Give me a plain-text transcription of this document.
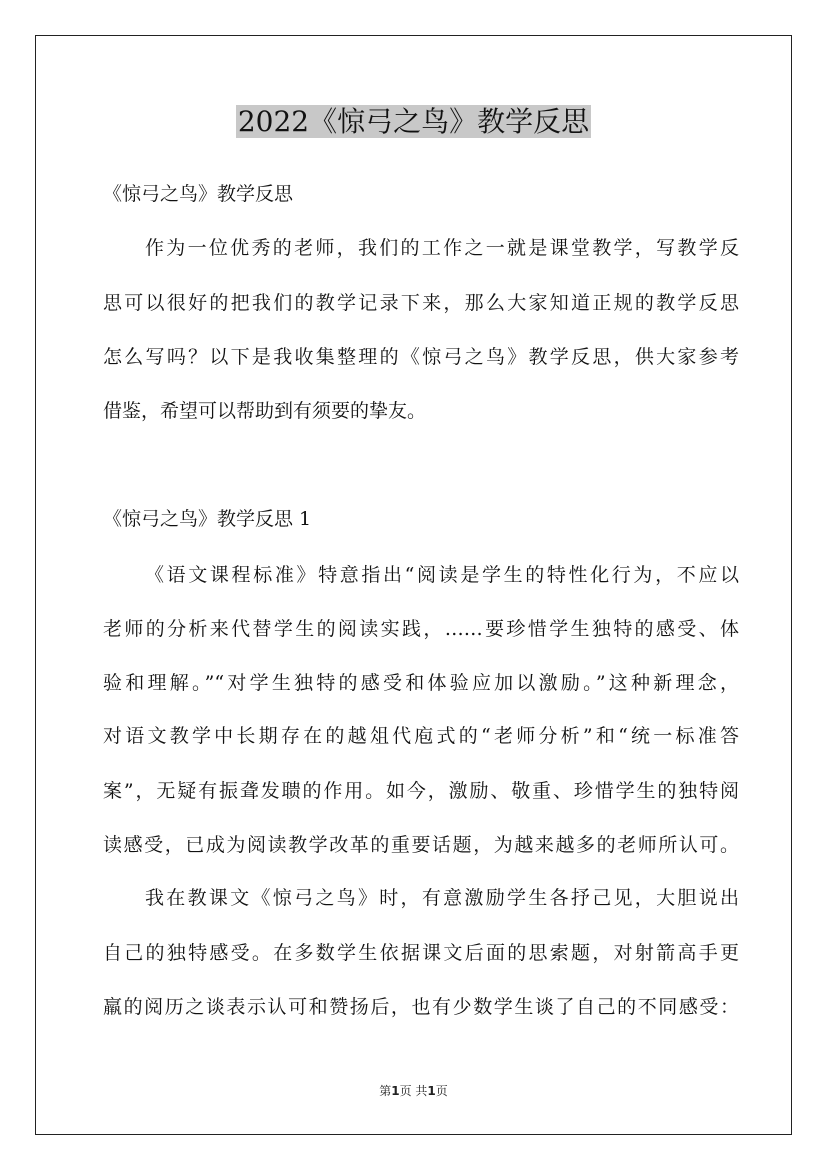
2022《惊弓之鸟》教学反思
《惊弓之鸟》教学反思
作为一位优秀的老师，我们的工作之一就是课堂教学，写教学反
思可以很好的把我们的教学记录下来，那么大家知道正规的教学反思
怎么写吗？以下是我收集整理的《惊弓之鸟》教学反思，供大家参考
借鉴，希望可以帮助到有须要的挚友。
《惊弓之鸟》教学反思 1
《语文课程标准》特意指出“阅读是学生的特性化行为，不应以
老师的分析来代替学生的阅读实践，……要珍惜学生独特的感受、体
验和理解。”“对学生独特的感受和体验应加以激励。”这种新理念，
对语文教学中长期存在的越俎代庖式的“老师分析”和“统一标准答
案”，无疑有振聋发聩的作用。如今，激励、敬重、珍惜学生的独特阅
读感受，已成为阅读教学改革的重要话题，为越来越多的老师所认可。
我在教课文《惊弓之鸟》时，有意激励学生各抒己见，大胆说出
自己的独特感受。在多数学生依据课文后面的思索题，对射箭高手更
羸的阅历之谈表示认可和赞扬后，也有少数学生谈了自己的不同感受：
第1页 共1页
